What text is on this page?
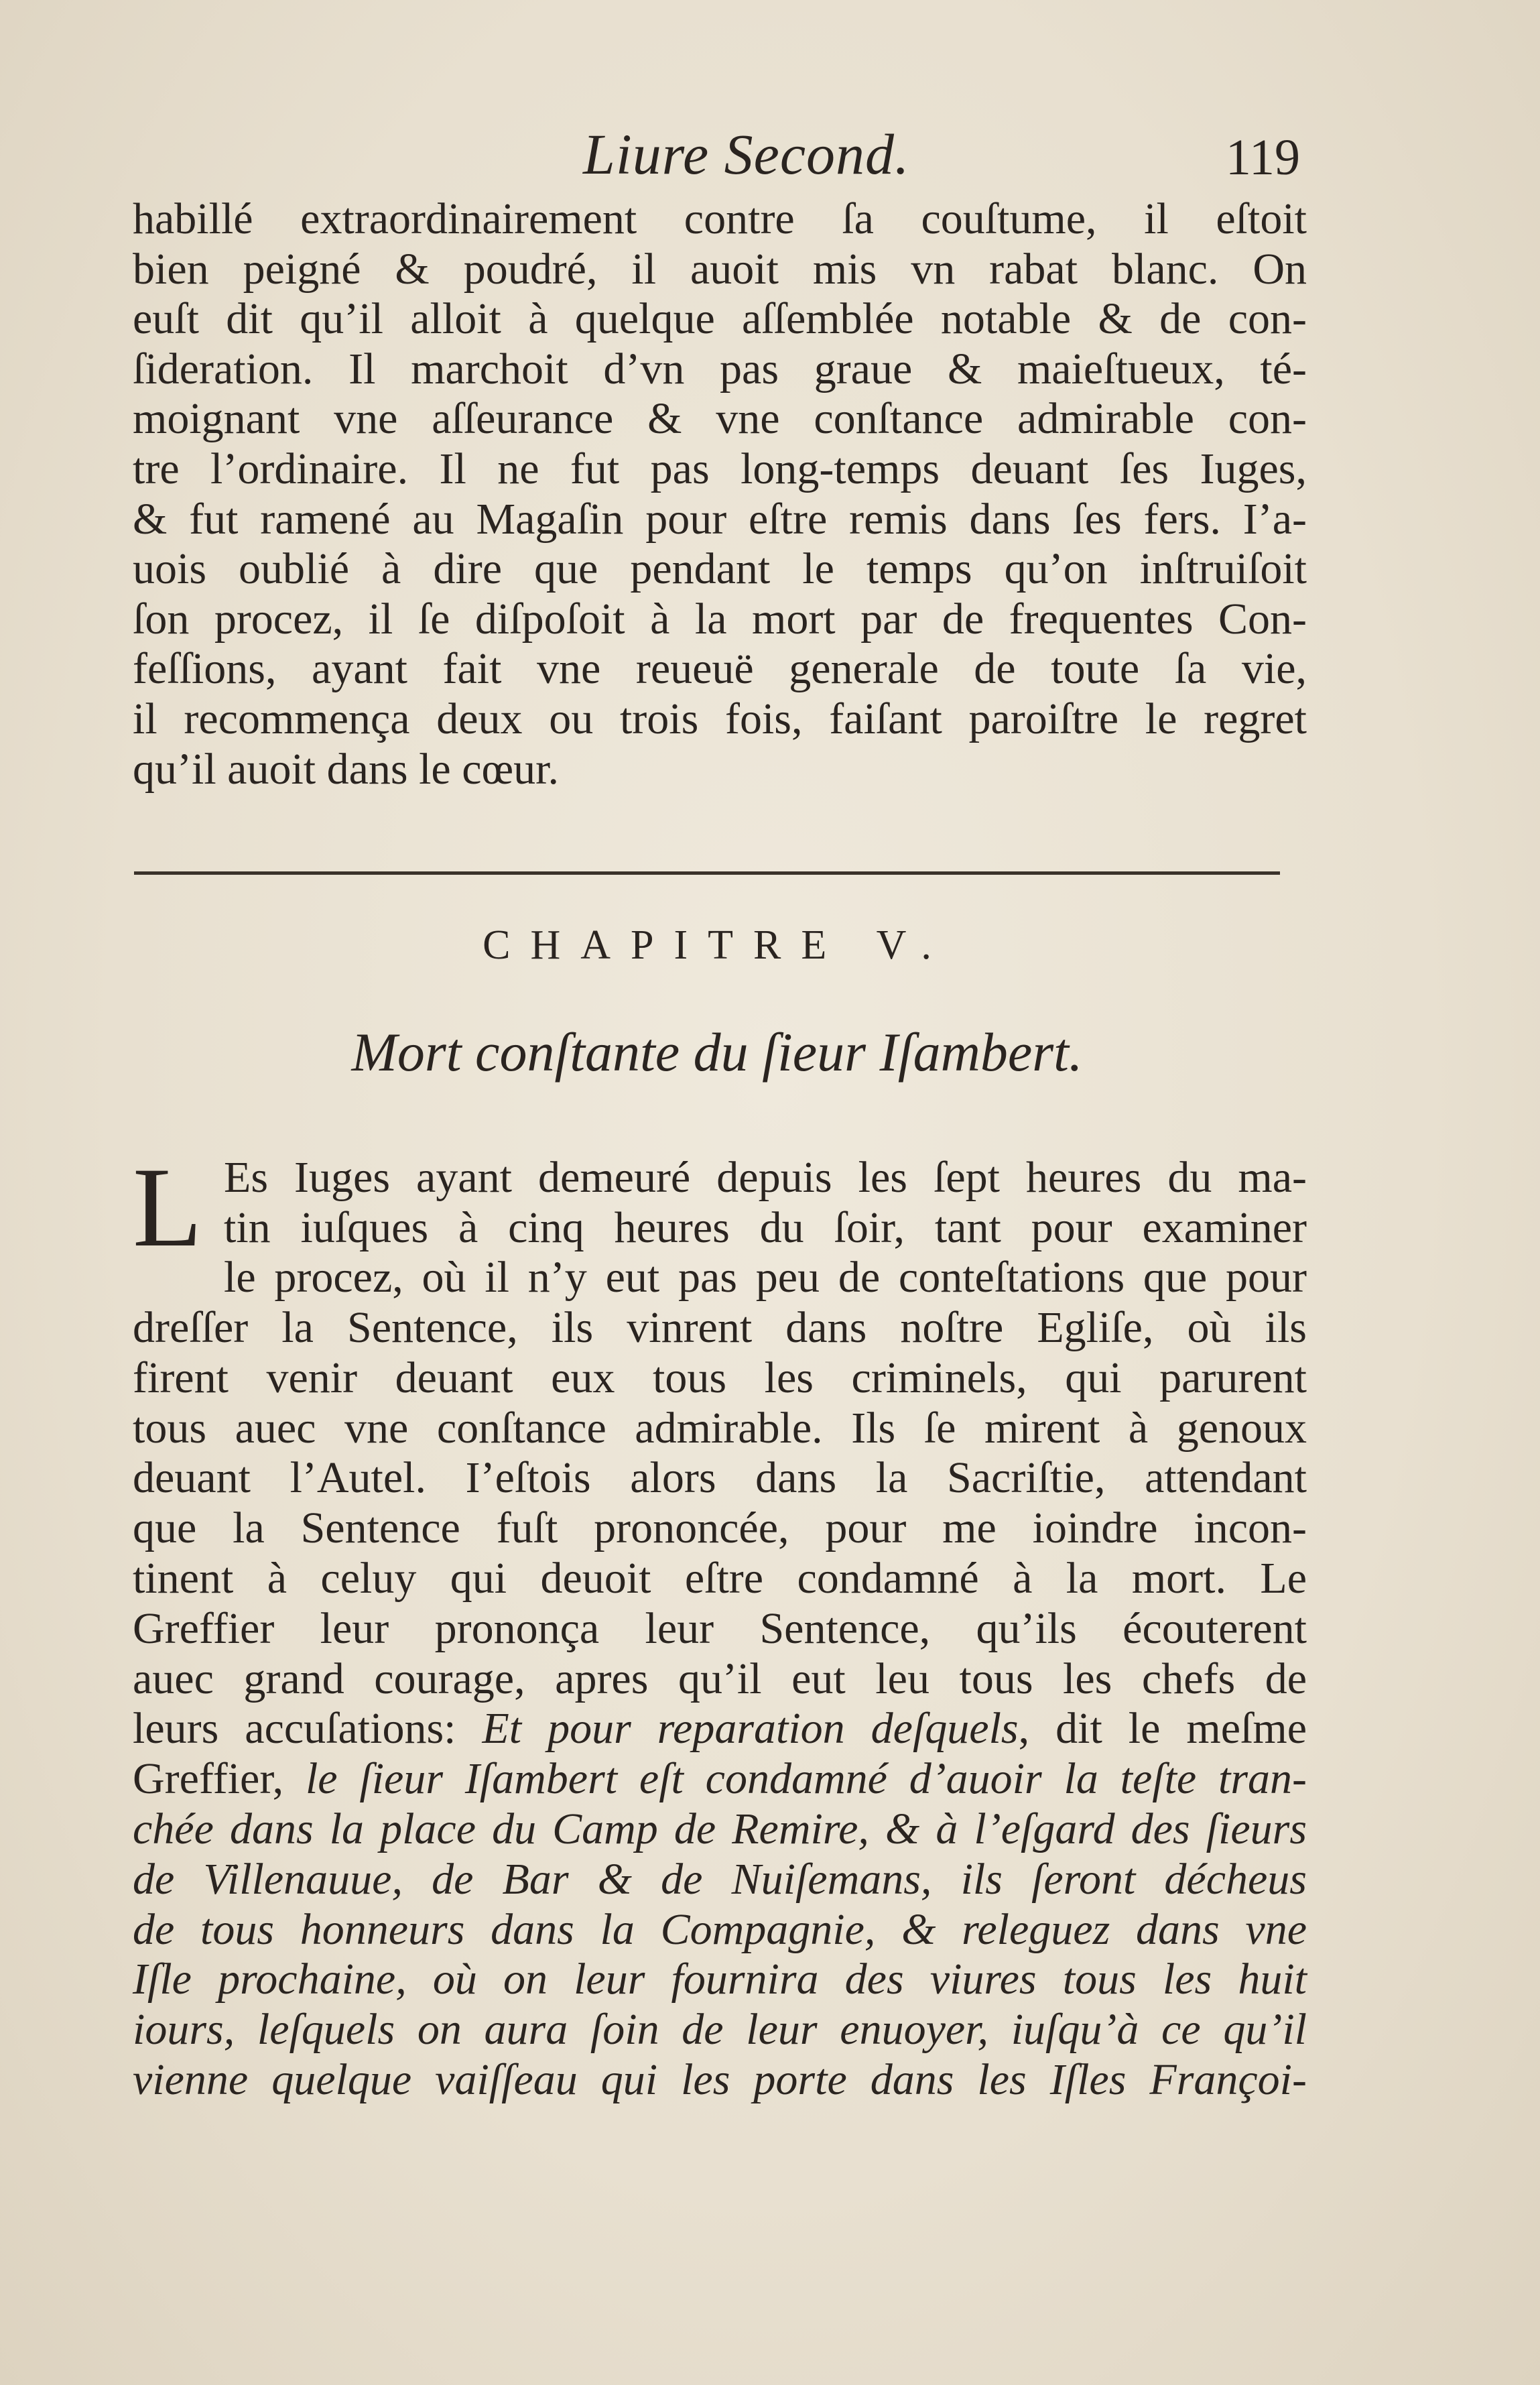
Liure Second.	119
habillé extraordinairement contre ſa couſtume, il eſtoit
bien peigné & poudré, il auoit mis vn rabat blanc. On
euſt dit qu’il alloit à quelque aſſemblée notable & de con-
ſideration. Il marchoit d’vn pas graue & maieſtueux, té-
moignant vne aſſeurance & vne conſtance admirable con-
tre l’ordinaire. Il ne fut pas long-temps deuant ſes Iuges,
& fut ramené au Magaſin pour eſtre remis dans ſes fers. I’a-
uois oublié à dire que pendant le temps qu’on inſtruiſoit
ſon procez, il ſe diſpoſoit à la mort par de frequentes Con-
feſſions, ayant fait vne reueuë generale de toute ſa vie,
il recommença deux ou trois fois, faiſant paroiſtre le regret
qu’il auoit dans le cœur.
CHAPITRE V.
Mort conſtante du ſieur Iſambert.
L Es Iuges ayant demeuré depuis les ſept heures du ma-
tin iuſques à cinq heures du ſoir, tant pour examiner
le procez, où il n’y eut pas peu de conteſtations que pour
dreſſer la Sentence, ils vinrent dans noſtre Egliſe, où ils
firent venir deuant eux tous les criminels, qui parurent
tous auec vne conſtance admirable. Ils ſe mirent à genoux
deuant l’Autel. I’eſtois alors dans la Sacriſtie, attendant
que la Sentence fuſt prononcée, pour me ioindre incon-
tinent à celuy qui deuoit eſtre condamné à la mort. Le
Greffier leur prononça leur Sentence, qu’ils écouterent
auec grand courage, apres qu’il eut leu tous les chefs de
leurs accuſations: Et pour reparation deſquels, dit le meſme
Greffier, le ſieur Iſambert eſt condamné d’auoir la teſte tran-
chée dans la place du Camp de Remire, & à l’eſgard des ſieurs
de Villenauue, de Bar & de Nuiſemans, ils ſeront décheus
de tous honneurs dans la Compagnie, & releguez dans vne
Iſle prochaine, où on leur fournira des viures tous les huit
iours, leſquels on aura ſoin de leur enuoyer, iuſqu’à ce qu’il
vienne quelque vaiſſeau qui les porte dans les Iſles Françoi-
